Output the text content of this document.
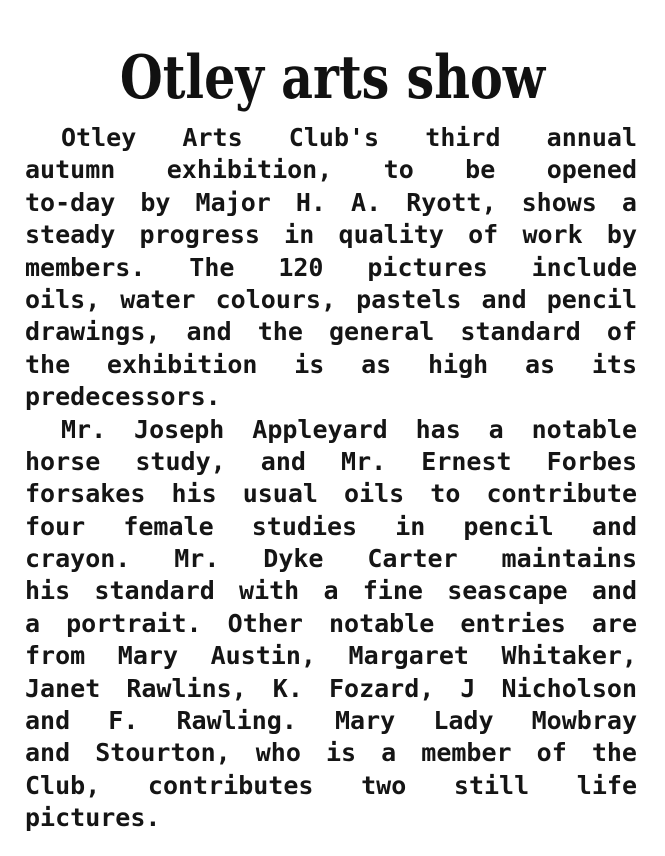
Otley arts show
Otley Arts Club's third annual
autumn exhibition, to be opened
to-day by Major H. A. Ryott, shows a
steady progress in quality of work by
members. The 120 pictures include
oils, water colours, pastels and pencil
drawings, and the general standard of
the exhibition is as high as its
predecessors.
Mr. Joseph Appleyard has a notable
horse study, and Mr. Ernest Forbes
forsakes his usual oils to contribute
four female studies in pencil and
crayon. Mr. Dyke Carter maintains
his standard with a fine seascape and
a portrait. Other notable entries are
from Mary Austin, Margaret Whitaker,
Janet Rawlins, K. Fozard, J Nicholson
and F. Rawling. Mary Lady Mowbray
and Stourton, who is a member of the
Club, contributes two still life
pictures.
